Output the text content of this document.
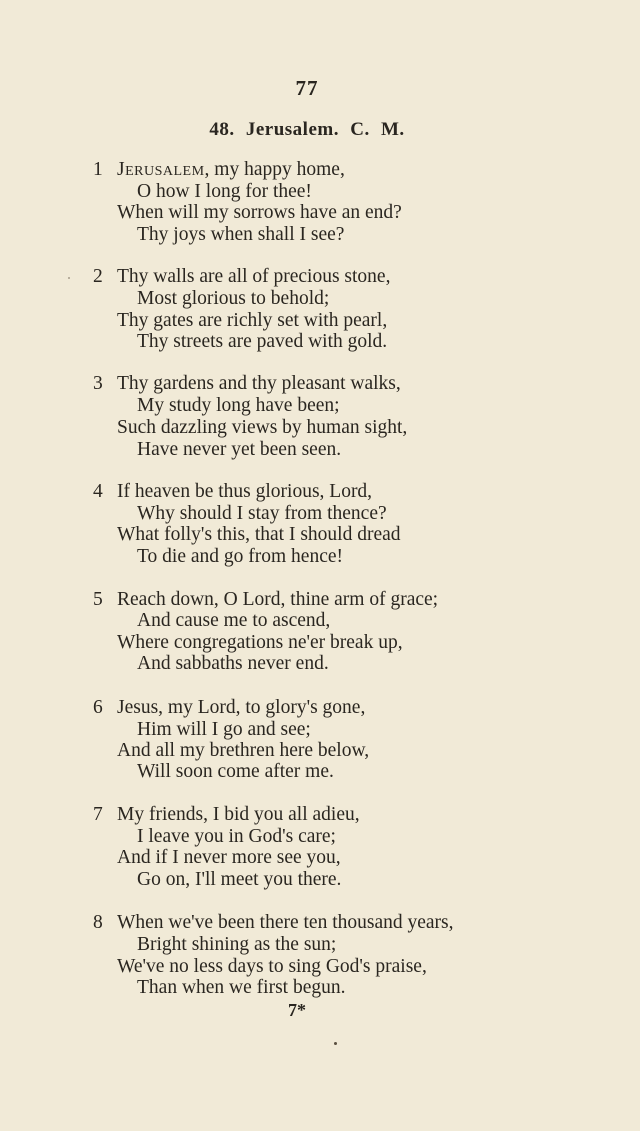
77
48. Jerusalem. C. M.
1 Jerusalem, my happy home,
O how I long for thee!
When will my sorrows have an end?
Thy joys when shall I see?
2 Thy walls are all of precious stone,
Most glorious to behold;
Thy gates are richly set with pearl,
Thy streets are paved with gold.
3 Thy gardens and thy pleasant walks,
My study long have been;
Such dazzling views by human sight,
Have never yet been seen.
4 If heaven be thus glorious, Lord,
Why should I stay from thence?
What folly's this, that I should dread
To die and go from hence!
5 Reach down, O Lord, thine arm of grace;
And cause me to ascend,
Where congregations ne'er break up,
And sabbaths never end.
6 Jesus, my Lord, to glory's gone,
Him will I go and see;
And all my brethren here below,
Will soon come after me.
7 My friends, I bid you all adieu,
I leave you in God's care;
And if I never more see you,
Go on, I'll meet you there.
8 When we've been there ten thousand years,
Bright shining as the sun;
We've no less days to sing God's praise,
Than when we first begun.
7*
